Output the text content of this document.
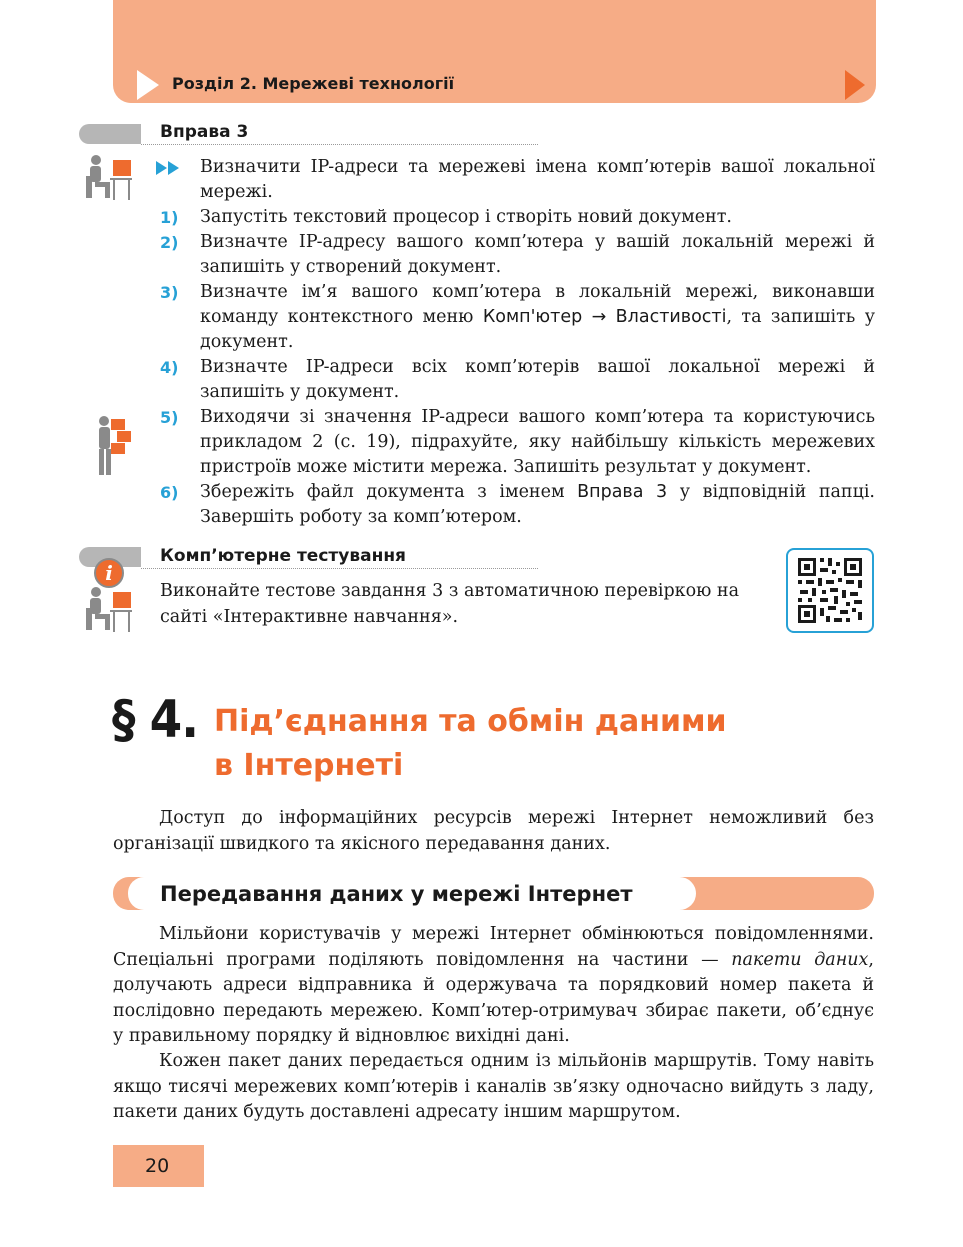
Розділ 2. Мережеві технології
Вправа 3
Визначити IP-адреси та мережеві імена комп’ютерів вашої локальної мережі.
1)	Запустіть текстовий процесор і створіть новий документ.
2)	Визначте IP-адресу вашого комп’ютера у вашій локальній мережі й запишіть у створений документ.
3)	Визначте ім’я вашого комп’ютера в локальній мережі, виконавши команду контекстного меню Комп'ютер → Властивості, та запишіть у документ.
4)	Визначте IP-адреси всіх комп’ютерів вашої локальної мережі й запишіть у документ.
5)	Виходячи зі значення IP-адреси вашого комп’ютера та користуючись прикладом 2 (с. 19), підрахуйте, яку найбільшу кількість мережевих пристроїв може містити мережа. Запишіть результат у документ.
6)	Збережіть файл документа з іменем Вправа 3 у відповідній папці. Завершіть роботу за комп’ютером.
Комп’ютерне тестування
i
Виконайте тестове завдання 3 з автоматичною перевіркою на сайті «Інтерактивне навчання».
§ 4. Під’єднання та обмін даними
в Інтернеті

Доступ до інформаційних ресурсів мережі Інтернет неможливий без організації швидкого та якісного передавання даних.

Передавання даних у мережі Інтернет

Мільйони користувачів у мережі Інтернет обмінюються повідомленнями. Спеціальні програми поділяють повідомлення на частини — пакети даних, долучають адреси відправника й одержувача та порядковий номер пакета й послідовно передають мережею. Комп’ютер-отримувач збирає пакети, об’єднує у правильному порядку й відновлює вихідні дані.

Кожен пакет даних передається одним із мільйонів маршрутів. Тому навіть якщо тисячі мережевих комп’ютерів і каналів зв’язку одночасно вийдуть з ладу, пакети даних будуть доставлені адресату іншим маршрутом.

20
